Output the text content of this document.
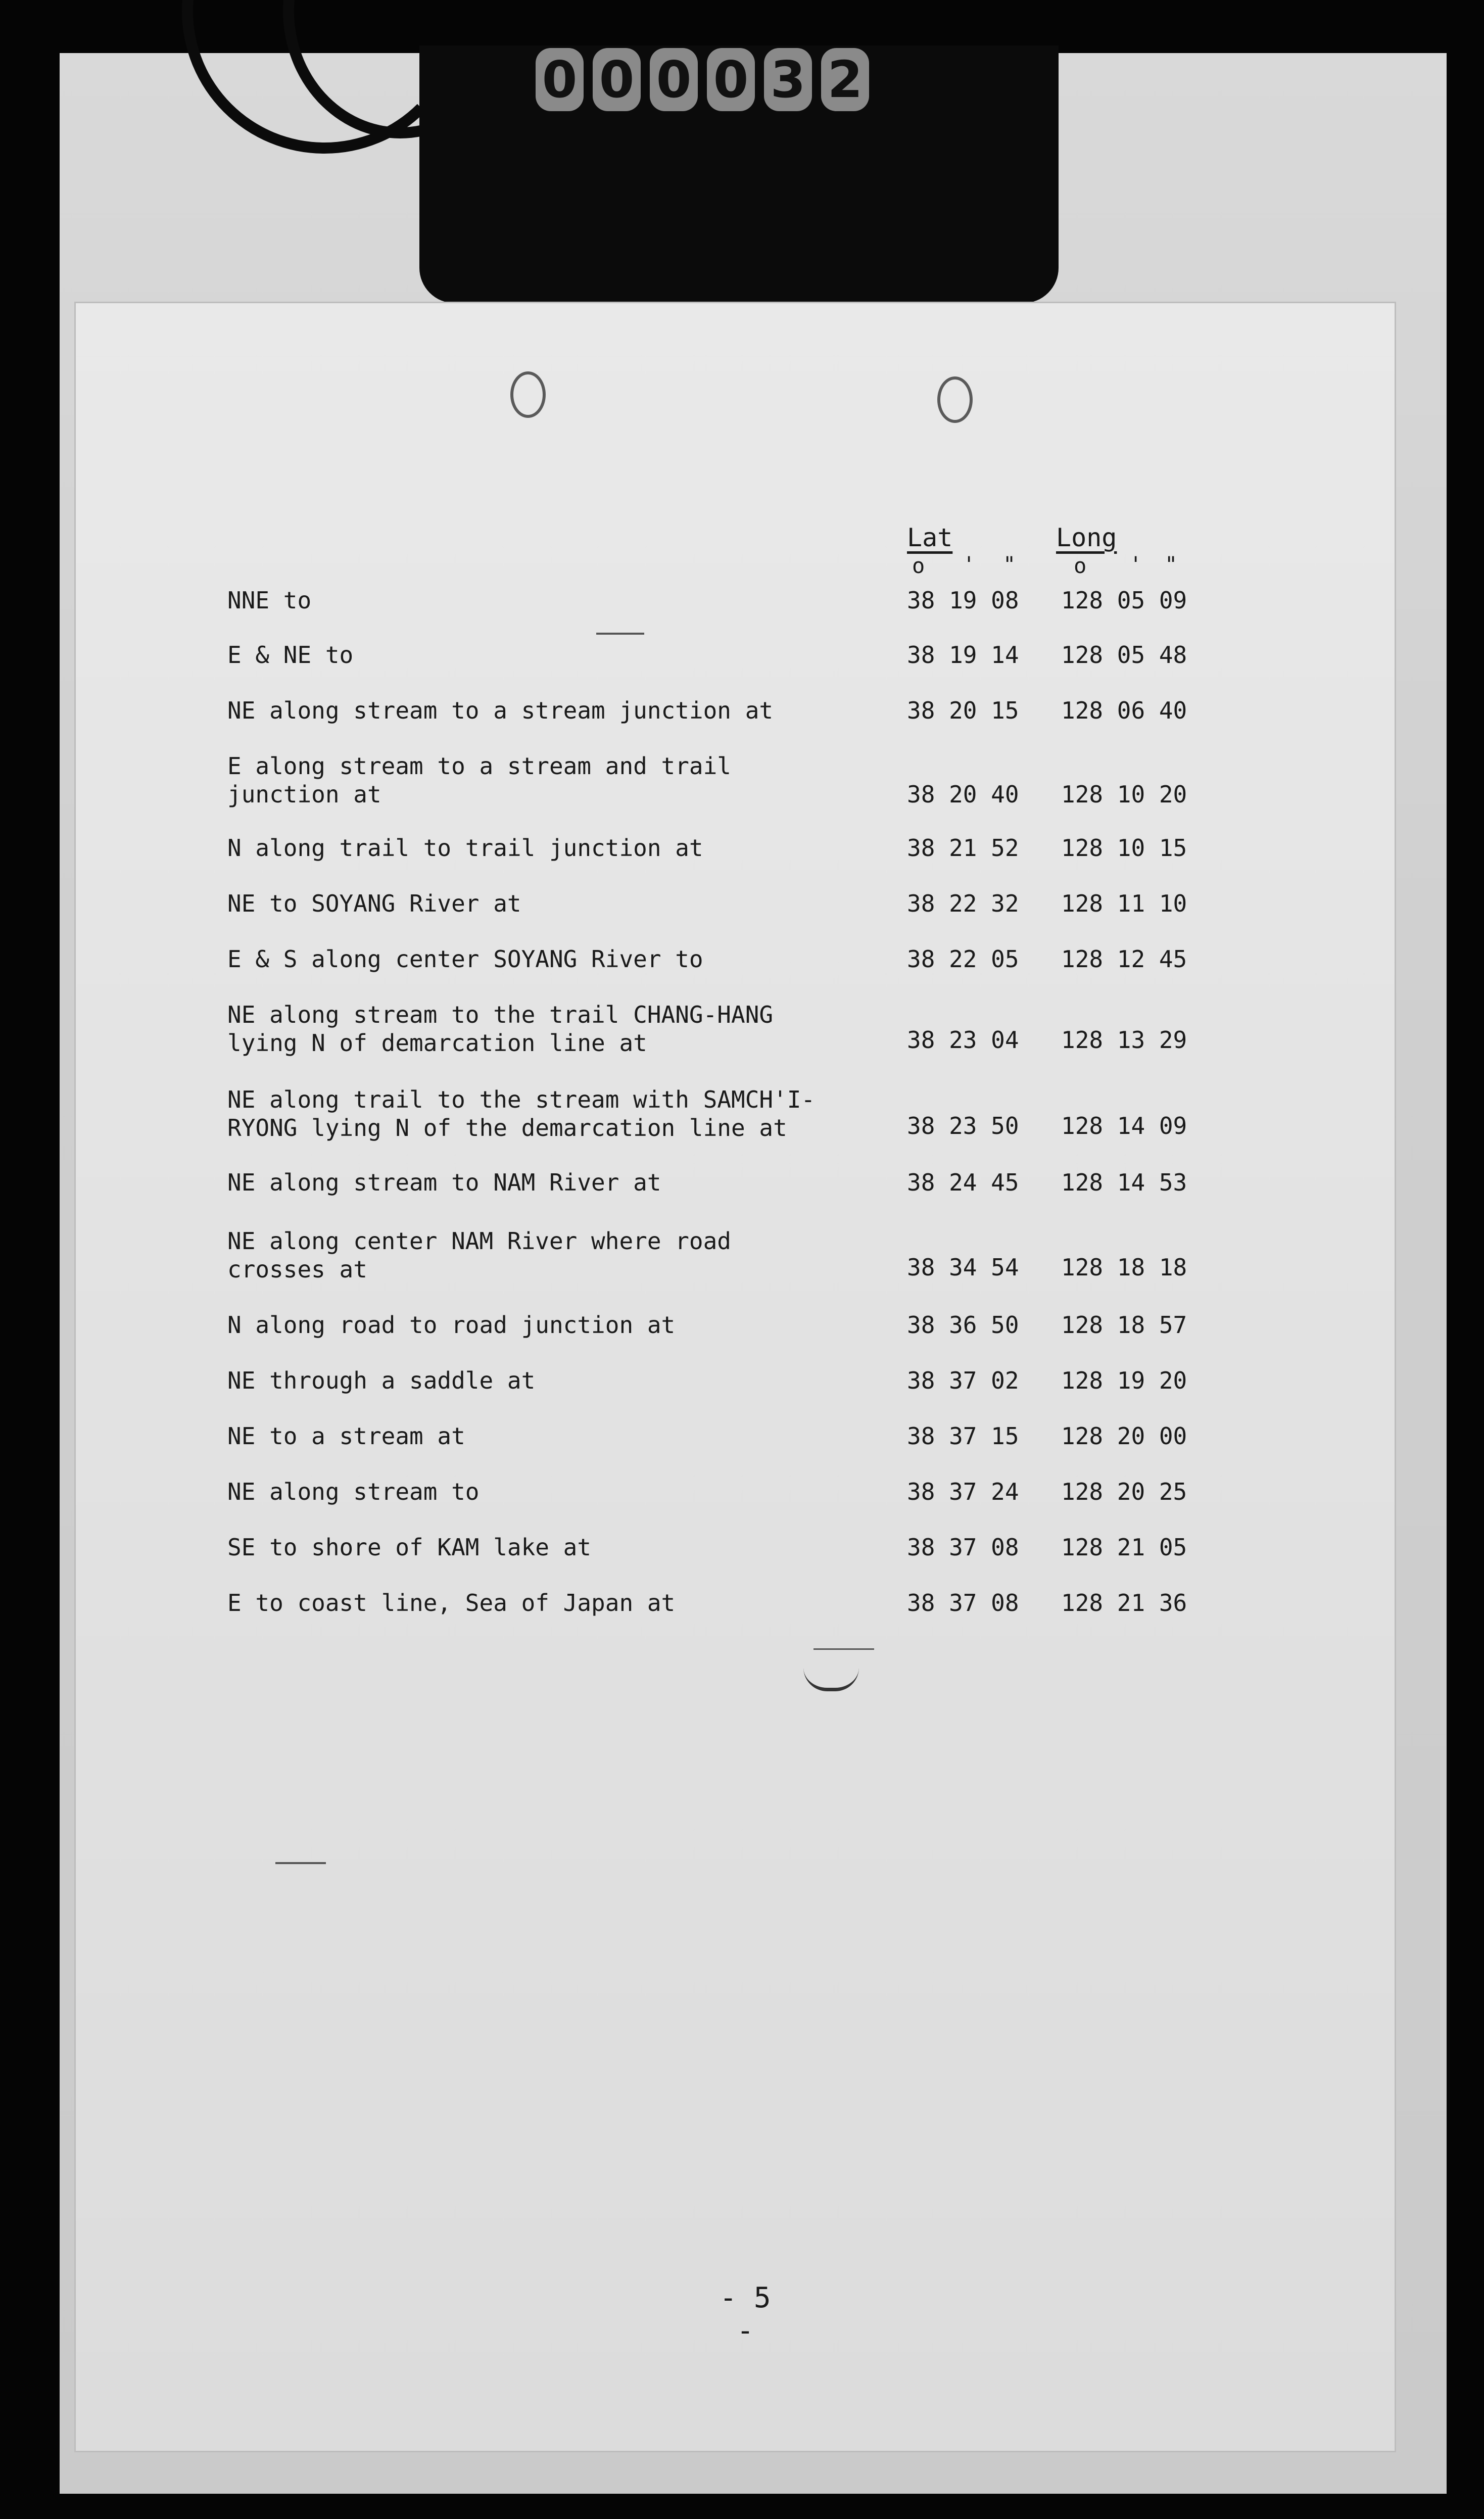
0 0 0 0 3 2
Lat	Long
o ' "	o ' "
NNE to	38 19 08 128 05 09
E & NE to	38 19 14 128 05 48
NE along stream to a stream junction at	38 20 15 128 06 40
E along stream to a stream and trail
junction at	38 20 40 128 10 20
N along trail to trail junction at	38 21 52 128 10 15
NE to SOYANG River at	38 22 32 128 11 10
E & S along center SOYANG River to	38 22 05 128 12 45
NE along stream to the trail CHANG-HANG
lying N of demarcation line at	38 23 04 128 13 29
NE along trail to the stream with SAMCH'I-
RYONG lying N of the demarcation line at	38 23 50 128 14 09
NE along stream to NAM River at	38 24 45 128 14 53
NE along center NAM River where road
crosses at	38 34 54 128 18 18
N along road to road junction at	38 36 50 128 18 57
NE through a saddle at	38 37 02 128 19 20
NE to a stream at	38 37 15 128 20 00
NE along stream to	38 37 24 128 20 25
SE to shore of KAM lake at	38 37 08 128 21 05
E to coast line, Sea of Japan at	38 37 08 128 21 36
- 5 -
